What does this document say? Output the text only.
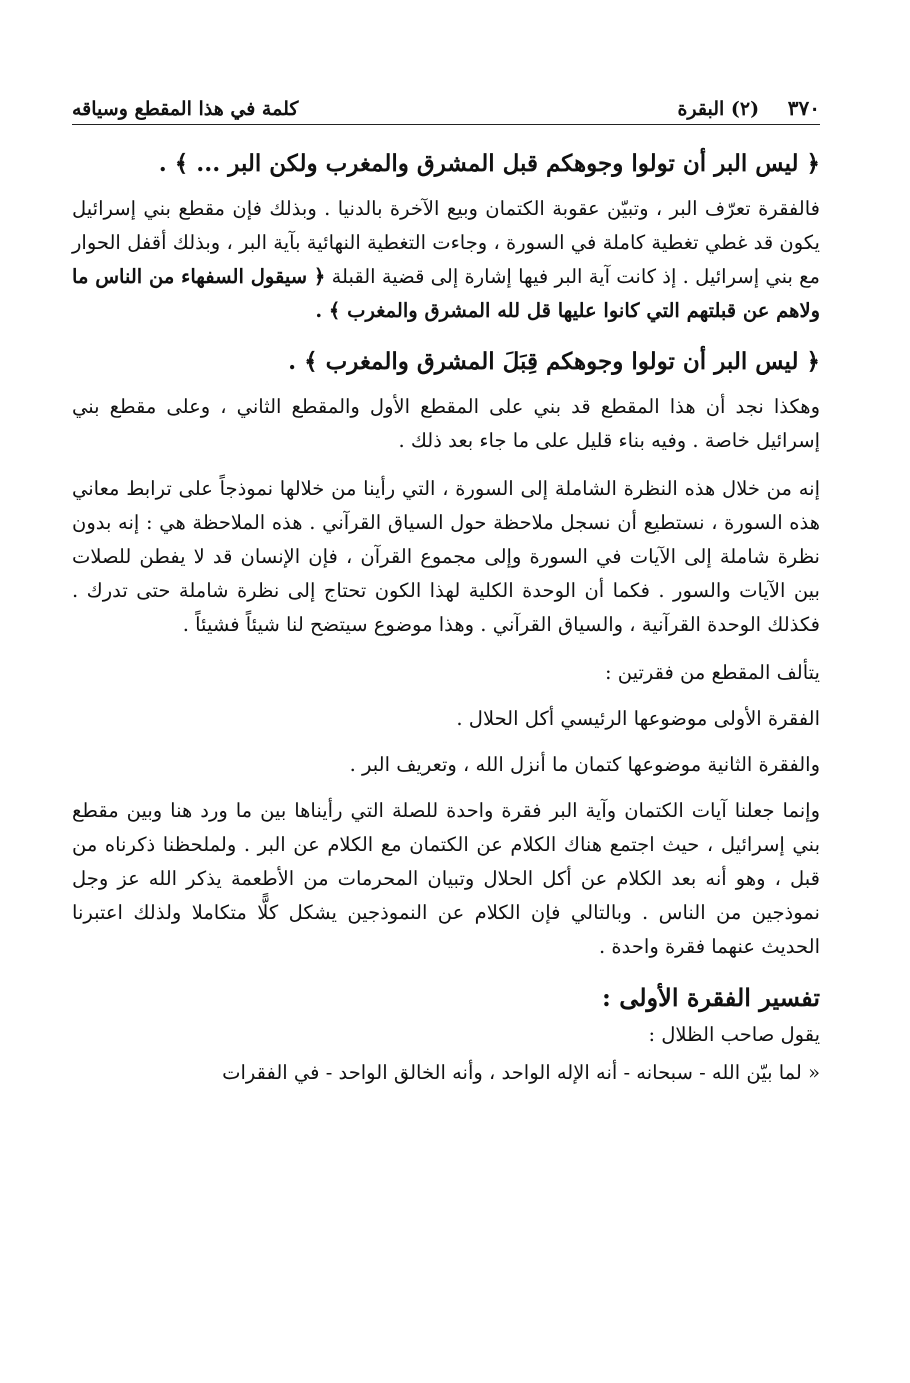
٣٧٠ (٢) البقرة
كلمة في هذا المقطع وسياقه
﴿ ليس البر أن تولوا وجوهكم قبل المشرق والمغرب ولكن البر ... ﴾ .

فالفقرة تعرّف البر ، وتبيّن عقوبة الكتمان وبيع الآخرة بالدنيا . وبذلك فإن مقطع بني إسرائيل يكون قد غطي تغطية كاملة في السورة ، وجاءت التغطية النهائية بآية البر ، وبذلك أقفل الحوار مع بني إسرائيل . إذ كانت آية البر فيها إشارة إلى قضية القبلة ﴿ سيقول السفهاء من الناس ما ولاهم عن قبلتهم التي كانوا عليها قل لله المشرق والمغرب ﴾ .

﴿ ليس البر أن تولوا وجوهكم قِبَلَ المشرق والمغرب ﴾ .

وهكذا نجد أن هذا المقطع قد بني على المقطع الأول والمقطع الثاني ، وعلى مقطع بني إسرائيل خاصة . وفيه بناء قليل على ما جاء بعد ذلك .

إنه من خلال هذه النظرة الشاملة إلى السورة ، التي رأينا من خلالها نموذجاً على ترابط معاني هذه السورة ، نستطيع أن نسجل ملاحظة حول السياق القرآني . هذه الملاحظة هي : إنه بدون نظرة شاملة إلى الآيات في السورة وإلى مجموع القرآن ، فإن الإنسان قد لا يفطن للصلات بين الآيات والسور . فكما أن الوحدة الكلية لهذا الكون تحتاج إلى نظرة شاملة حتى تدرك . فكذلك الوحدة القرآنية ، والسياق القرآني . وهذا موضوع سيتضح لنا شيئاً فشيئاً .

يتألف المقطع من فقرتين :
الفقرة الأولى موضوعها الرئيسي أكل الحلال .
والفقرة الثانية موضوعها كتمان ما أنزل الله ، وتعريف البر .

وإنما جعلنا آيات الكتمان وآية البر فقرة واحدة للصلة التي رأيناها بين ما ورد هنا وبين مقطع بني إسرائيل ، حيث اجتمع هناك الكلام عن الكتمان مع الكلام عن البر . ولملحظنا ذكرناه من قبل ، وهو أنه بعد الكلام عن أكل الحلال وتبيان المحرمات من الأطعمة يذكر الله عز وجل نموذجين من الناس . وبالتالي فإن الكلام عن النموذجين يشكل كلًّا متكاملا ولذلك اعتبرنا الحديث عنهما فقرة واحدة .

تفسير الفقرة الأولى :
يقول صاحب الظلال :
« لما بيّن الله - سبحانه - أنه الإله الواحد ، وأنه الخالق الواحد - في الفقرات
